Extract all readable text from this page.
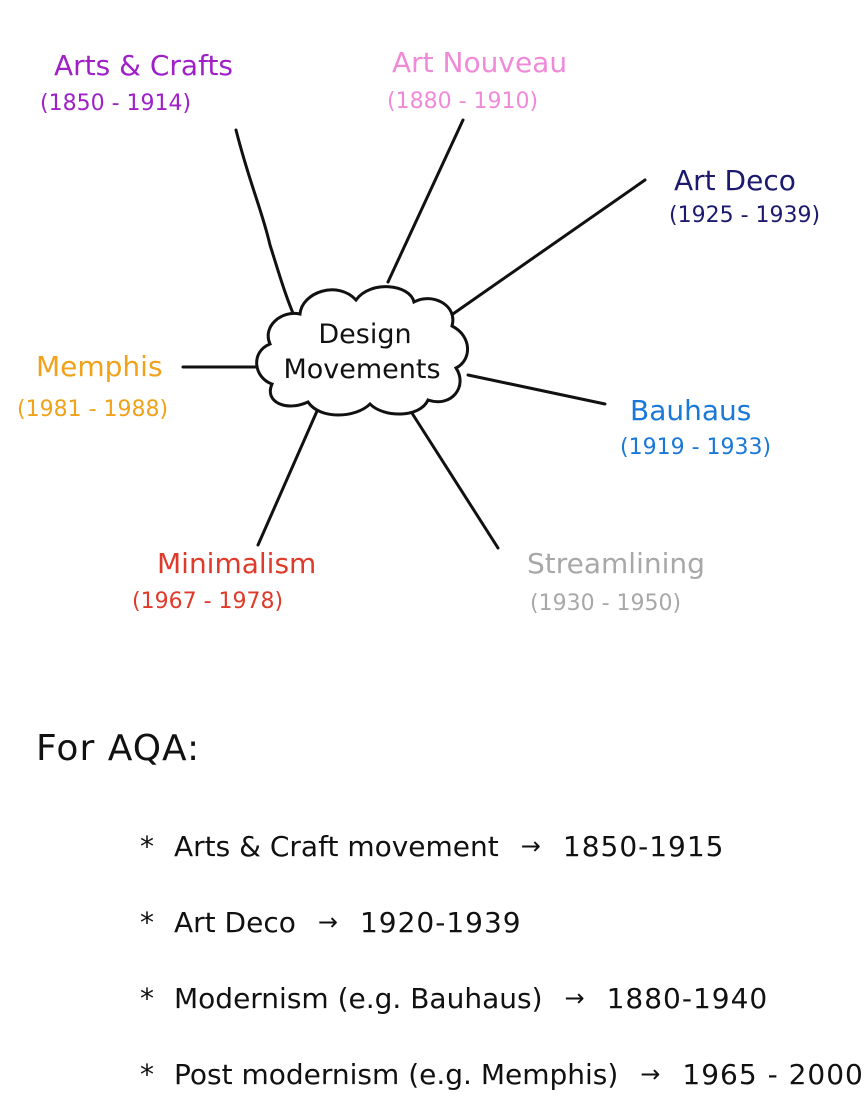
Design
Movements
Arts & Crafts
(1850 - 1914)
Art Nouveau
(1880 - 1910)
Art Deco
(1925 - 1939)
Bauhaus
(1919 - 1933)
Streamlining
(1930 - 1950)
Minimalism
(1967 - 1978)
Memphis
(1981 - 1988)
For AQA:
* Arts & Craft movement → 1850-1915
* Art Deco → 1920-1939
* Modernism (e.g. Bauhaus) → 1880-1940
* Post modernism (e.g. Memphis) → 1965 - 2000
